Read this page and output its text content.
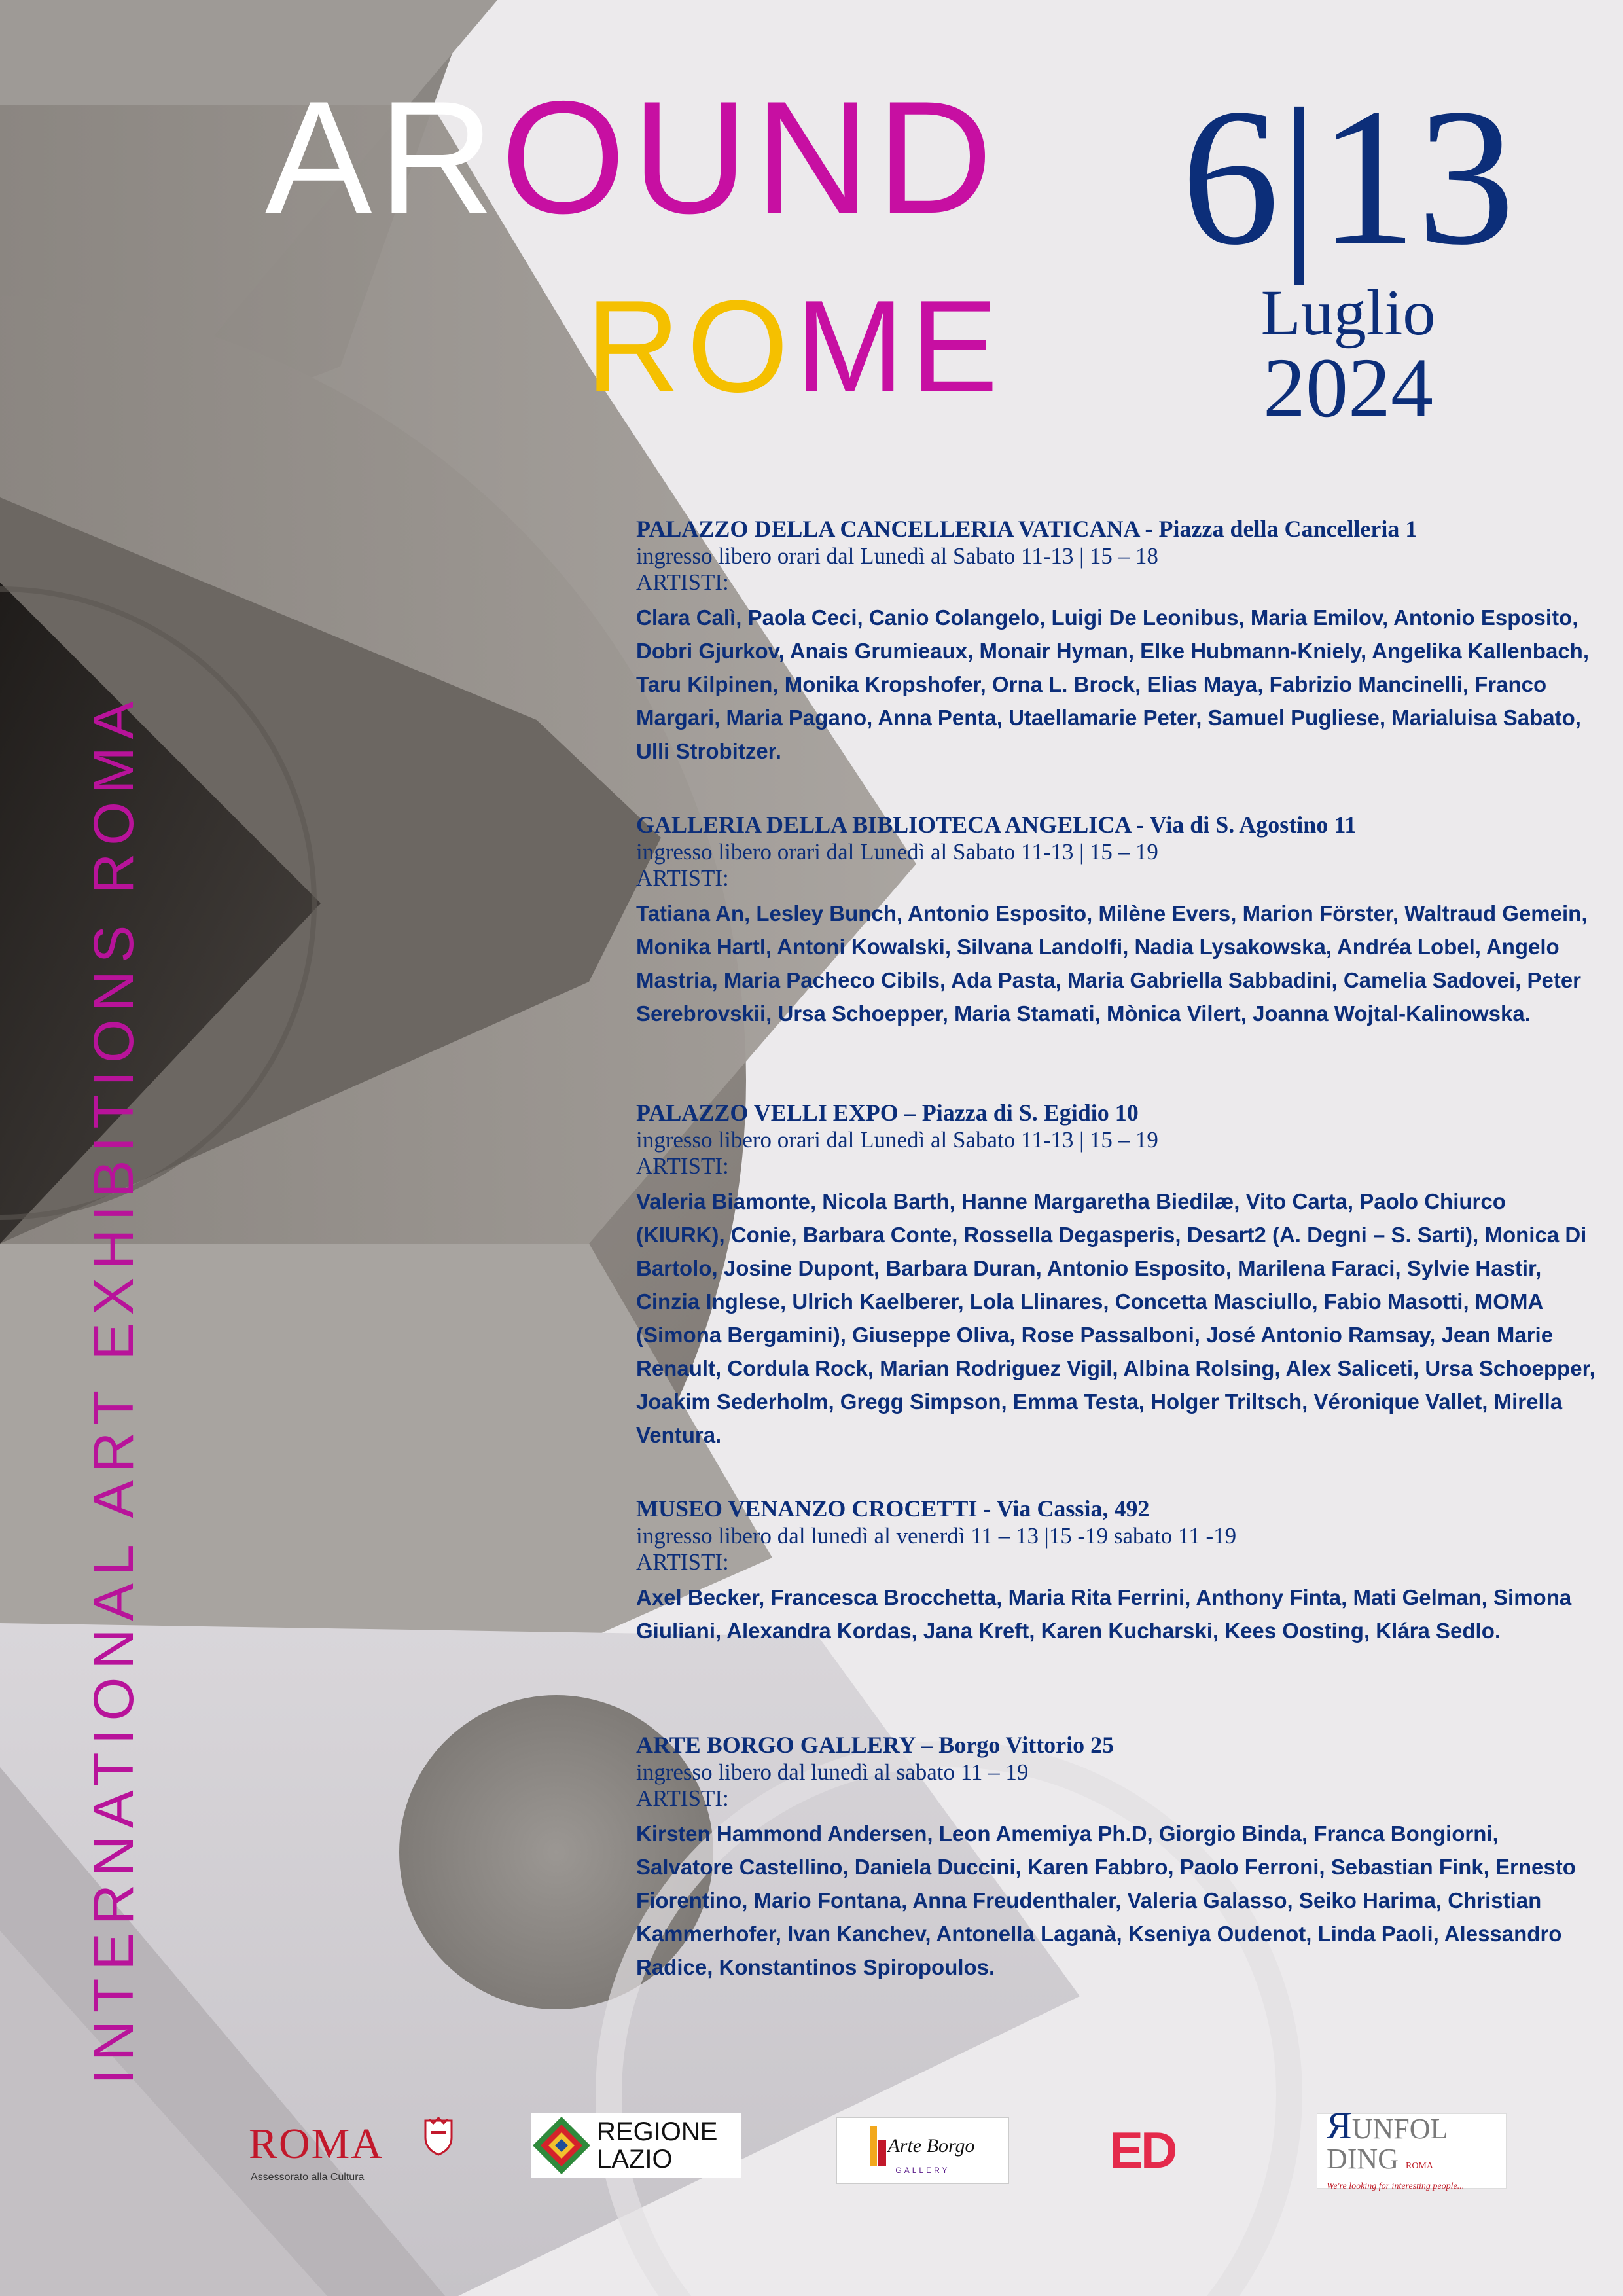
AROUND
ROME
6|13
Luglio
2024
INTERNATIONAL ART EXHIBITIONS ROMA
PALAZZO DELLA CANCELLERIA VATICANA - Piazza della Cancelleria 1
ingresso libero orari dal Lunedì al Sabato 11-13 | 15 – 18
ARTISTI:
Clara Calì, Paola Ceci, Canio Colangelo, Luigi De Leonibus, Maria Emilov, Antonio Esposito, Dobri Gjurkov, Anais Grumieaux, Monair Hyman, Elke Hubmann-Kniely, Angelika Kallenbach, Taru Kilpinen, Monika Kropshofer, Orna L. Brock, Elias Maya, Fabrizio Mancinelli, Franco Margari, Maria Pagano, Anna Penta, Utaellamarie Peter, Samuel Pugliese, Marialuisa Sabato, Ulli Strobitzer.
GALLERIA DELLA BIBLIOTECA ANGELICA - Via di S. Agostino 11
ingresso libero orari dal Lunedì al Sabato 11-13 | 15 – 19
ARTISTI:
Tatiana An, Lesley Bunch, Antonio Esposito, Milène Evers, Marion Förster, Waltraud Gemein, Monika Hartl, Antoni Kowalski, Silvana Landolfi, Nadia Lysakowska, Andréa Lobel, Angelo Mastria, Maria Pacheco Cibils, Ada Pasta, Maria Gabriella Sabbadini, Camelia Sadovei, Peter Serebrovskii, Ursa Schoepper, Maria Stamati, Mònica Vilert, Joanna Wojtal-Kalinowska.
PALAZZO VELLI EXPO – Piazza di S. Egidio 10
ingresso libero orari dal Lunedì al Sabato 11-13 | 15 – 19
ARTISTI:
Valeria Biamonte, Nicola Barth, Hanne Margaretha Biedilæ, Vito Carta, Paolo Chiurco (KIURK), Conie, Barbara Conte, Rossella Degasperis, Desart2 (A. Degni – S. Sarti), Monica Di Bartolo, Josine Dupont, Barbara Duran, Antonio Esposito, Marilena Faraci, Sylvie Hastir, Cinzia Inglese, Ulrich Kaelberer, Lola Llinares, Concetta Masciullo, Fabio Masotti, MOMA (Simona Bergamini), Giuseppe Oliva, Rose Passalboni, José Antonio Ramsay, Jean Marie Renault, Cordula Rock, Marian Rodriguez Vigil, Albina Rolsing, Alex Saliceti, Ursa Schoepper, Joakim Sederholm, Gregg Simpson, Emma Testa, Holger Triltsch, Véronique Vallet, Mirella Ventura.
MUSEO VENANZO CROCETTI - Via Cassia, 492
ingresso libero dal lunedì al venerdì 11 – 13 |15 -19 sabato 11 -19
ARTISTI:
Axel Becker, Francesca Brocchetta, Maria Rita Ferrini, Anthony Finta, Mati Gelman, Simona Giuliani, Alexandra Kordas, Jana Kreft, Karen Kucharski, Kees Oosting, Klára Sedlo.
ARTE BORGO GALLERY – Borgo Vittorio 25
ingresso libero dal lunedì al sabato 11 – 19
ARTISTI:
Kirsten Hammond Andersen, Leon Amemiya Ph.D, Giorgio Binda, Franca Bongiorni, Salvatore Castellino, Daniela Duccini, Karen Fabbro, Paolo Ferroni, Sebastian Fink, Ernesto Fiorentino, Mario Fontana, Anna Freudenthaler, Valeria Galasso, Seiko Harima, Christian Kammerhofer, Ivan Kanchev, Antonella Laganà, Kseniya Oudenot, Linda Paoli, Alessandro Radice, Konstantinos Spiropoulos.
ROMA
Assessorato alla Cultura
REGIONE
LAZIO	Arte Borgo
GALLERY	ED	ЯUNFOL DING ROMA
We're looking for interesting people...
